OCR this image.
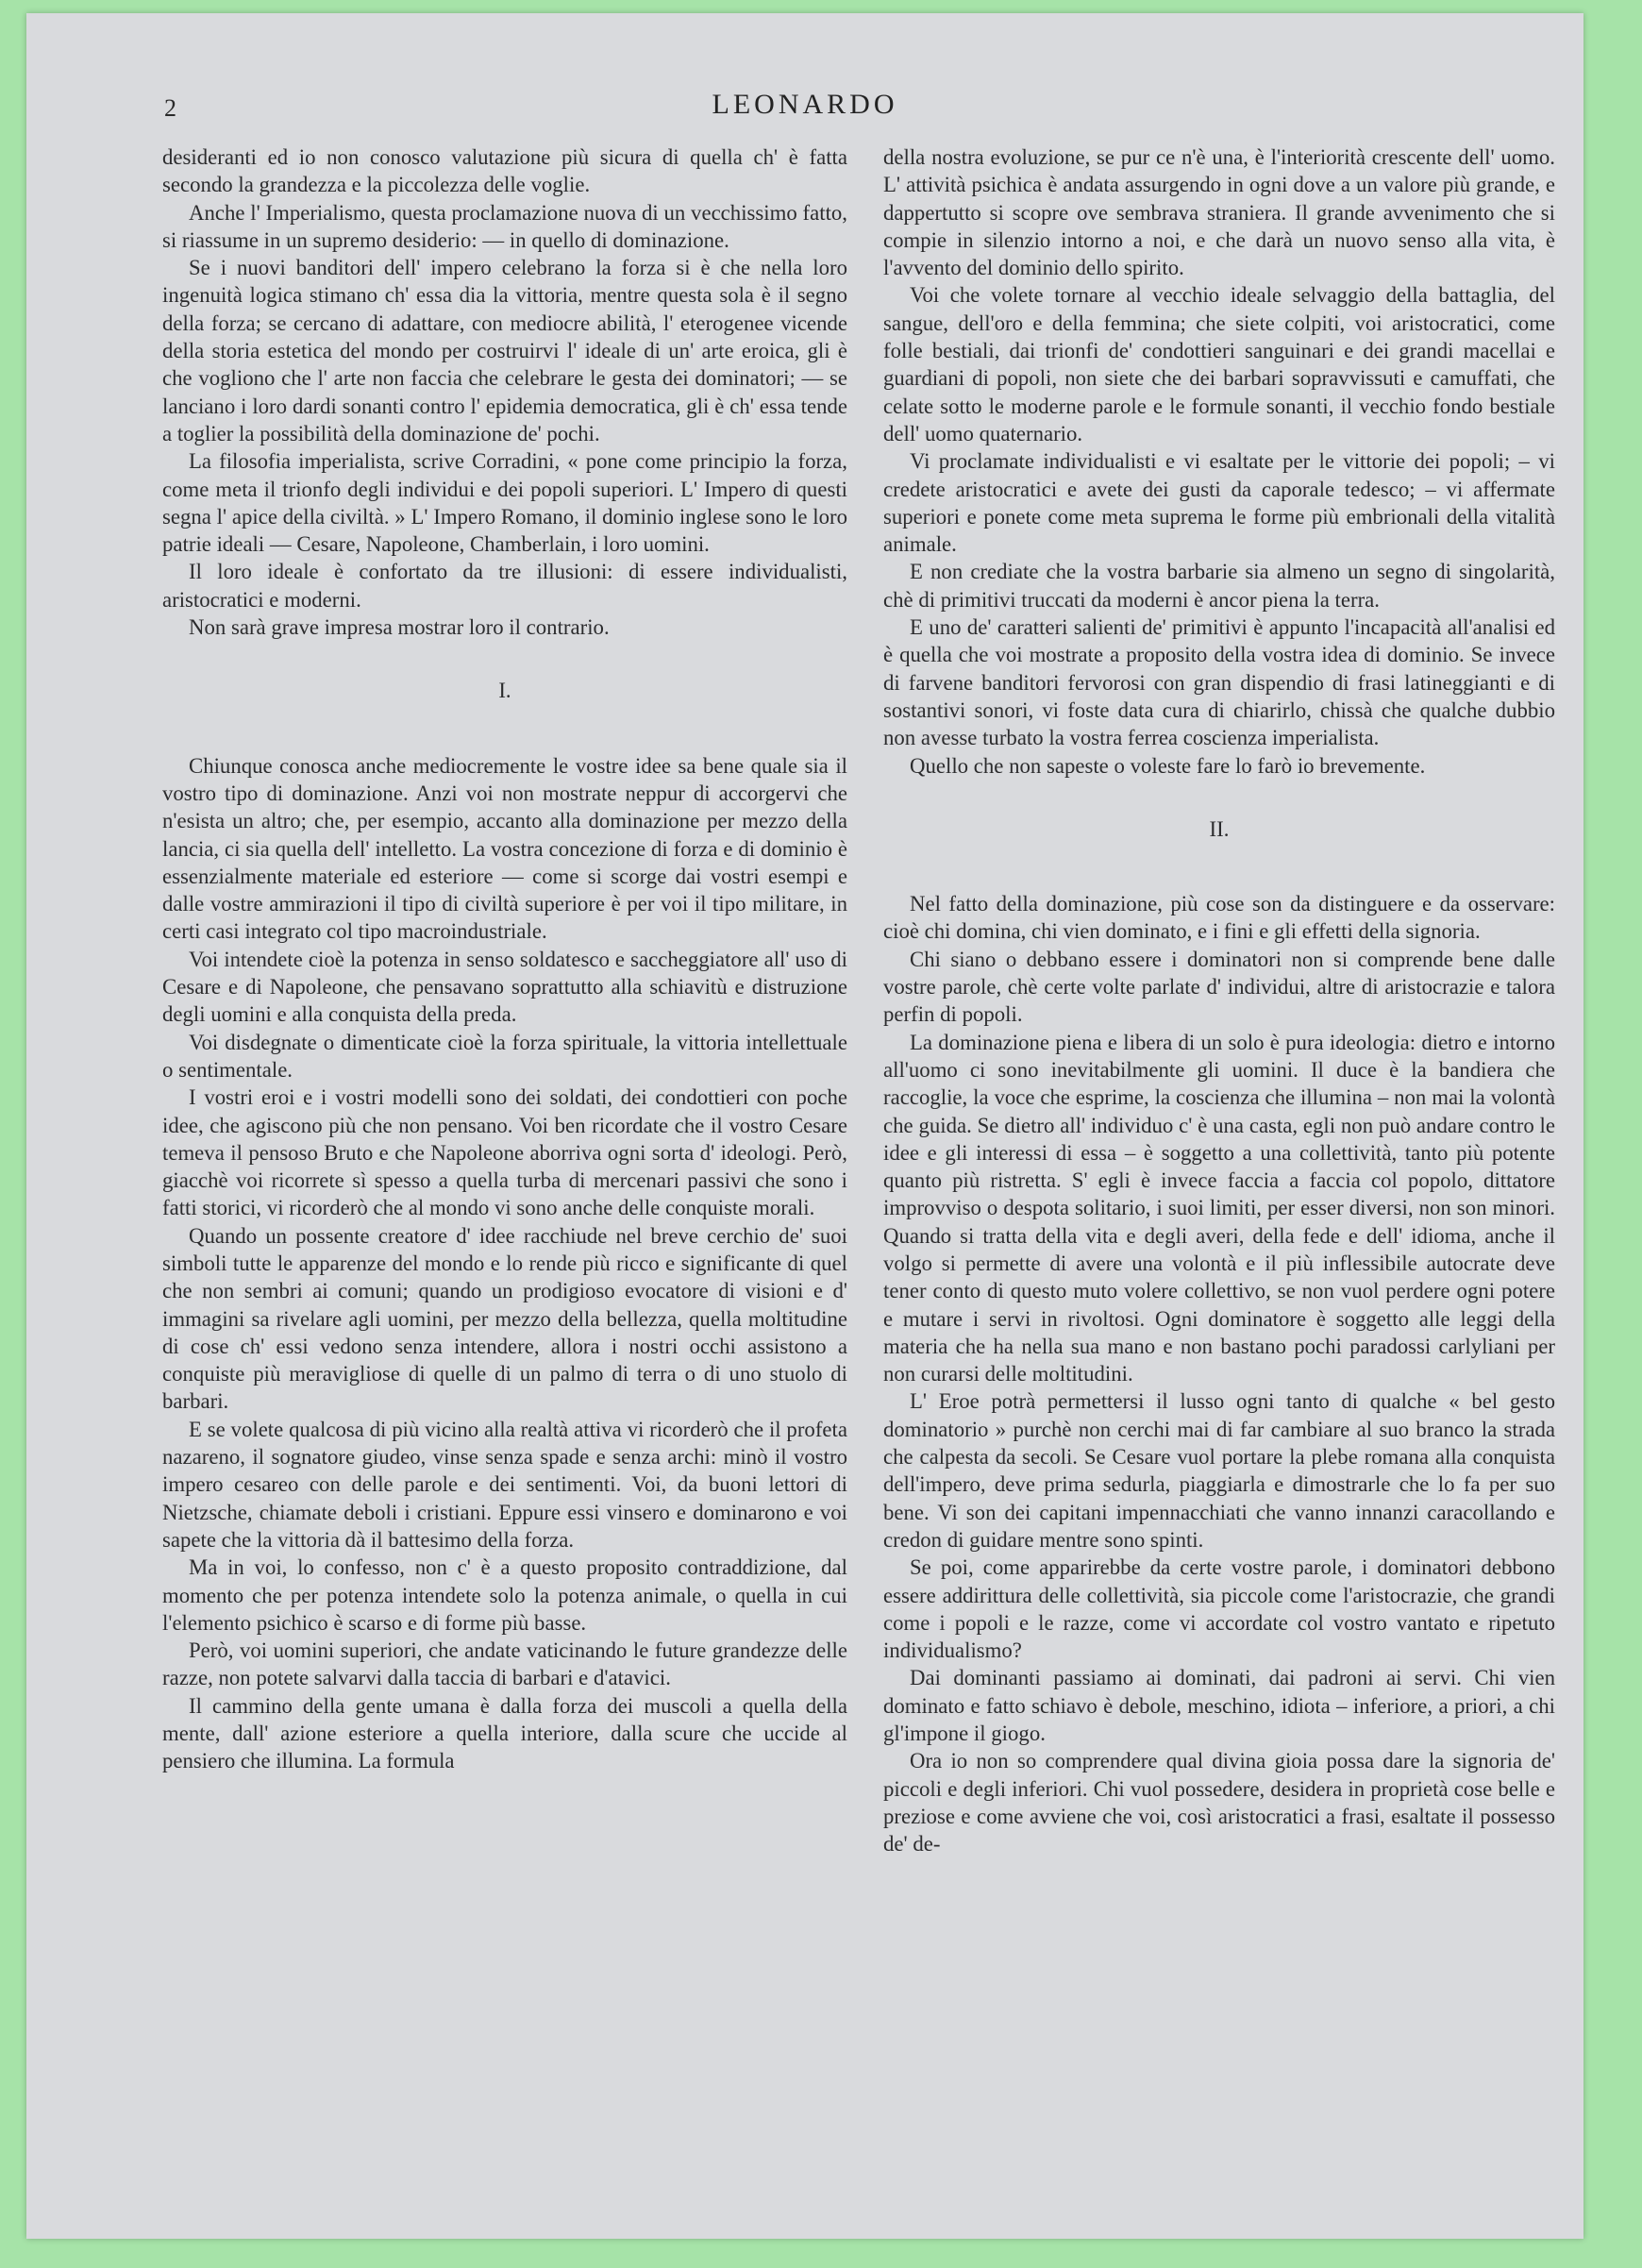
2	LEONARDO

desideranti ed io non conosco valutazione più sicura di quella ch' è fatta secondo la grandezza e la piccolezza delle voglie.

Anche l' Imperialismo, questa proclamazione nuova di un vecchissimo fatto, si riassume in un supremo desiderio: — in quello di dominazione.

Se i nuovi banditori dell' impero celebrano la forza si è che nella loro ingenuità logica stimano ch' essa dia la vittoria, mentre questa sola è il segno della forza; se cercano di adattare, con mediocre abilità, l' eterogenee vicende della storia estetica del mondo per costruirvi l' ideale di un' arte eroica, gli è che vogliono che l' arte non faccia che celebrare le gesta dei dominatori; — se lanciano i loro dardi sonanti contro l' epidemia democratica, gli è ch' essa tende a toglier la possibilità della dominazione de' pochi.

La filosofia imperialista, scrive Corradini, « pone come principio la forza, come meta il trionfo degli individui e dei popoli superiori. L' Impero di questi segna l' apice della civiltà. » L' Impero Romano, il dominio inglese sono le loro patrie ideali — Cesare, Napoleone, Chamberlain, i loro uomini.

Il loro ideale è confortato da tre illusioni: di essere individualisti, aristocratici e moderni.

Non sarà grave impresa mostrar loro il contrario.

I.

Chiunque conosca anche mediocremente le vostre idee sa bene quale sia il vostro tipo di dominazione. Anzi voi non mostrate neppur di accorgervi che n'esista un altro; che, per esempio, accanto alla dominazione per mezzo della lancia, ci sia quella dell' intelletto. La vostra concezione di forza e di dominio è essenzialmente materiale ed esteriore — come si scorge dai vostri esempi e dalle vostre ammirazioni il tipo di civiltà superiore è per voi il tipo militare, in certi casi integrato col tipo macroindustriale.

Voi intendete cioè la potenza in senso soldatesco e saccheggiatore all' uso di Cesare e di Napoleone, che pensavano soprattutto alla schiavitù e distruzione degli uomini e alla conquista della preda.

Voi disdegnate o dimenticate cioè la forza spirituale, la vittoria intellettuale o sentimentale.

I vostri eroi e i vostri modelli sono dei soldati, dei condottieri con poche idee, che agiscono più che non pensano. Voi ben ricordate che il vostro Cesare temeva il pensoso Bruto e che Napoleone aborriva ogni sorta d' ideologi. Però, giacchè voi ricorrete sì spesso a quella turba di mercenari passivi che sono i fatti storici, vi ricorderò che al mondo vi sono anche delle conquiste morali.

Quando un possente creatore d' idee racchiude nel breve cerchio de' suoi simboli tutte le apparenze del mondo e lo rende più ricco e significante di quel che non sembri ai comuni; quando un prodigioso evocatore di visioni e d' immagini sa rivelare agli uomini, per mezzo della bellezza, quella moltitudine di cose ch' essi vedono senza intendere, allora i nostri occhi assistono a conquiste più meravigliose di quelle di un palmo di terra o di uno stuolo di barbari.

E se volete qualcosa di più vicino alla realtà attiva vi ricorderò che il profeta nazareno, il sognatore giudeo, vinse senza spade e senza archi: minò il vostro impero cesareo con delle parole e dei sentimenti. Voi, da buoni lettori di Nietzsche, chiamate deboli i cristiani. Eppure essi vinsero e dominarono e voi sapete che la vittoria dà il battesimo della forza.

Ma in voi, lo confesso, non c' è a questo proposito contraddizione, dal momento che per potenza intendete solo la potenza animale, o quella in cui l'elemento psichico è scarso e di forme più basse.

Però, voi uomini superiori, che andate vaticinando le future grandezze delle razze, non potete salvarvi dalla taccia di barbari e d'atavici.

Il cammino della gente umana è dalla forza dei muscoli a quella della mente, dall' azione esteriore a quella interiore, dalla scure che uccide al pensiero che illumina. La formula

della nostra evoluzione, se pur ce n'è una, è l'interiorità crescente dell' uomo. L' attività psichica è andata assurgendo in ogni dove a un valore più grande, e dappertutto si scopre ove sembrava straniera. Il grande avvenimento che si compie in silenzio intorno a noi, e che darà un nuovo senso alla vita, è l'avvento del dominio dello spirito.

Voi che volete tornare al vecchio ideale selvaggio della battaglia, del sangue, dell'oro e della femmina; che siete colpiti, voi aristocratici, come folle bestiali, dai trionfi de' condottieri sanguinari e dei grandi macellai e guardiani di popoli, non siete che dei barbari sopravvissuti e camuffati, che celate sotto le moderne parole e le formule sonanti, il vecchio fondo bestiale dell' uomo quaternario.

Vi proclamate individualisti e vi esaltate per le vittorie dei popoli; – vi credete aristocratici e avete dei gusti da caporale tedesco; – vi affermate superiori e ponete come meta suprema le forme più embrionali della vitalità animale.

E non crediate che la vostra barbarie sia almeno un segno di singolarità, chè di primitivi truccati da moderni è ancor piena la terra.

E uno de' caratteri salienti de' primitivi è appunto l'incapacità all'analisi ed è quella che voi mostrate a proposito della vostra idea di dominio. Se invece di farvene banditori fervorosi con gran dispendio di frasi latineggianti e di sostantivi sonori, vi foste data cura di chiarirlo, chissà che qualche dubbio non avesse turbato la vostra ferrea coscienza imperialista.

Quello che non sapeste o voleste fare lo farò io brevemente.

II.

Nel fatto della dominazione, più cose son da distinguere e da osservare: cioè chi domina, chi vien dominato, e i fini e gli effetti della signoria.

Chi siano o debbano essere i dominatori non si comprende bene dalle vostre parole, chè certe volte parlate d' individui, altre di aristocrazie e talora perfin di popoli.

La dominazione piena e libera di un solo è pura ideologia: dietro e intorno all'uomo ci sono inevitabilmente gli uomini. Il duce è la bandiera che raccoglie, la voce che esprime, la coscienza che illumina – non mai la volontà che guida. Se dietro all' individuo c' è una casta, egli non può andare contro le idee e gli interessi di essa – è soggetto a una collettività, tanto più potente quanto più ristretta. S' egli è invece faccia a faccia col popolo, dittatore improvviso o despota solitario, i suoi limiti, per esser diversi, non son minori. Quando si tratta della vita e degli averi, della fede e dell' idioma, anche il volgo si permette di avere una volontà e il più inflessibile autocrate deve tener conto di questo muto volere collettivo, se non vuol perdere ogni potere e mutare i servi in rivoltosi. Ogni dominatore è soggetto alle leggi della materia che ha nella sua mano e non bastano pochi paradossi carlyliani per non curarsi delle moltitudini.

L' Eroe potrà permettersi il lusso ogni tanto di qualche « bel gesto dominatorio » purchè non cerchi mai di far cambiare al suo branco la strada che calpesta da secoli. Se Cesare vuol portare la plebe romana alla conquista dell'impero, deve prima sedurla, piaggiarla e dimostrarle che lo fa per suo bene. Vi son dei capitani impennacchiati che vanno innanzi caracollando e credon di guidare mentre sono spinti.

Se poi, come apparirebbe da certe vostre parole, i dominatori debbono essere addirittura delle collettività, sia piccole come l'aristocrazie, che grandi come i popoli e le razze, come vi accordate col vostro vantato e ripetuto individualismo?

Dai dominanti passiamo ai dominati, dai padroni ai servi. Chi vien dominato e fatto schiavo è debole, meschino, idiota – inferiore, a priori, a chi gl'impone il giogo.

Ora io non so comprendere qual divina gioia possa dare la signoria de' piccoli e degli inferiori. Chi vuol possedere, desidera in proprietà cose belle e preziose e come avviene che voi, così aristocratici a frasi, esaltate il possesso de' de-
